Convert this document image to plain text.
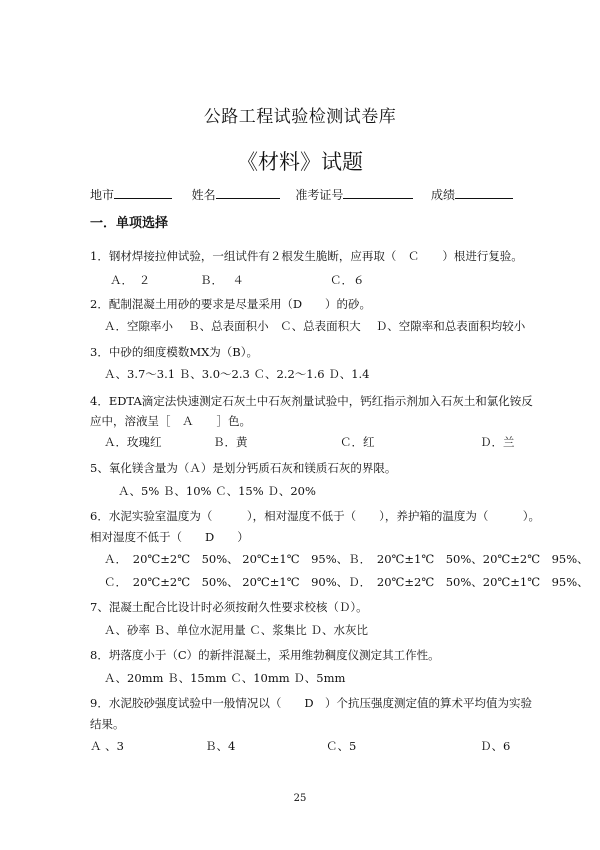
公路工程试验检测试卷库
《材料》试题
地市	姓名	准考证号	成绩
一．单项选择
1．钢材焊接拉伸试验，一组试件有２根发生脆断，应再取（　Ｃ　　）根进行复验。
Ａ．　２	Ｂ．　 ４	Ｃ．６
2．配制混凝土用砂的要求是尽量采用（D　　）的砂。
Ａ．空隙率小　 Ｂ、总表面积小　Ｃ、总表面积大　 Ｄ、空隙率和总表面积均较小
3．中砂的细度模数MX为（B）。
Ａ、3.7～3.1 Ｂ、3.0～2.3 Ｃ、2.2～1.6 Ｄ、1.4
4．EDTA滴定法快速测定石灰土中石灰剂量试验中，钙红指示剂加入石灰土和氯化铵反
应中，溶液呈［　Ａ　　］色。
Ａ．玫瑰红	Ｂ．黄	Ｃ．红	Ｄ．兰
5、氧化镁含量为（Ａ）是划分钙质石灰和镁质石灰的界限。
Ａ、5% Ｂ、10% Ｃ、15% Ｄ、20%
6．水泥实验室温度为（　　　），相对湿度不低于（　　），养护箱的温度为（　　　）。
相对湿度不低于（　　D　　）
Ａ．　20℃±2℃　50%、 20℃±1℃　95%、Ｂ．　20℃±1℃　50%、20℃±2℃　95%、
Ｃ．　20℃±2℃　50%、 20℃±1℃　90%、Ｄ．　20℃±2℃　50%、20℃±1℃　95%、
7、混凝土配合比设计时必须按耐久性要求校核（Ｄ）。
Ａ、砂率 Ｂ、单位水泥用量 Ｃ、浆集比 Ｄ、水灰比
8．坍落度小于（C）的新拌混凝土，采用维勃稠度仪测定其工作性。
Ａ、20mm Ｂ、15mm Ｃ、10mm Ｄ、5mm
9．水泥胶砂强度试验中一般情况以（　　D　）个抗压强度测定值的算术平均值为实验
结果。
Ａ 、3	Ｂ、4	Ｃ、5	Ｄ、6
25
